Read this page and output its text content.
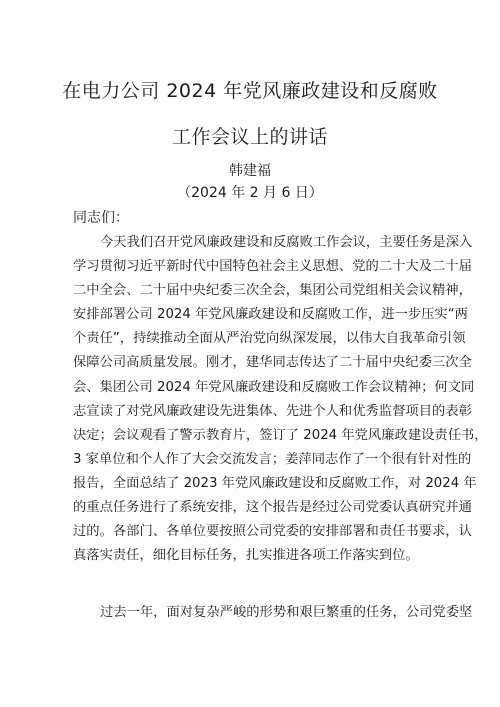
在电力公司 2024 年党风廉政建设和反腐败
工作会议上的讲话
韩建福
（2024 年 2 月 6 日）
同志们：
今天我们召开党风廉政建设和反腐败工作会议，主要任务是深入
学习贯彻习近平新时代中国特色社会主义思想、党的二十大及二十届
二中全会、二十届中央纪委三次全会，集团公司党组相关会议精神，
安排部署公司 2024 年党风廉政建设和反腐败工作，进一步压实“两
个责任”，持续推动全面从严治党向纵深发展，以伟大自我革命引领
保障公司高质量发展。刚才，建华同志传达了二十届中央纪委三次全
会、集团公司 2024 年党风廉政建设和反腐败工作会议精神；何文同
志宣读了对党风廉政建设先进集体、先进个人和优秀监督项目的表彰
决定；会议观看了警示教育片，签订了 2024 年党风廉政建设责任书，
3 家单位和个人作了大会交流发言；姜萍同志作了一个很有针对性的
报告，全面总结了 2023 年党风廉政建设和反腐败工作，对 2024 年
的重点任务进行了系统安排，这个报告是经过公司党委认真研究并通
过的。各部门、各单位要按照公司党委的安排部署和责任书要求，认
真落实责任，细化目标任务，扎实推进各项工作落实到位。
过去一年，面对复杂严峻的形势和艰巨繁重的任务，公司党委坚
